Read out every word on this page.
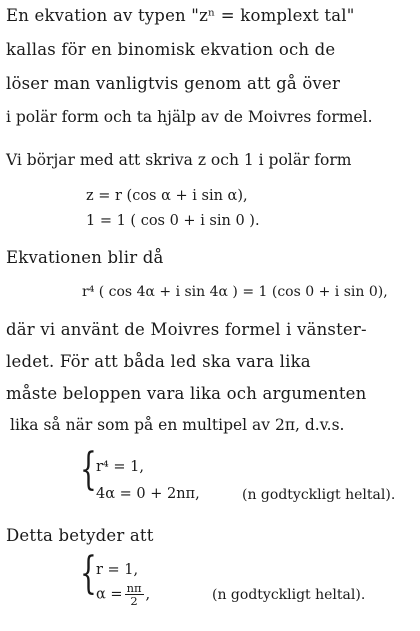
En ekvation av typen "zⁿ = komplext tal"
kallas för en binomisk ekvation och de
löser man vanligtvis genom att gå över
i polär form och ta hjälp av de Moivres formel.
Vi börjar med att skriva z och 1 i polär form
z = r (cos α + i sin α),
1 = 1 ( cos 0 + i sin 0 ).
Ekvationen blir då
r⁴ ( cos 4α + i sin 4α ) = 1 (cos 0 + i sin 0),
där vi använt de Moivres formel i vänster-
ledet. För att båda led ska vara lika
måste beloppen vara lika och argumenten
lika så när som på en multipel av 2π, d.v.s.
{ r⁴ = 1,
4α = 0 + 2nπ,	(n godtyckligt heltal).
Detta betyder att
{ r = 1,
$\alpha = \frac{n\pi}{2}$ ,	(n godtyckligt heltal).
